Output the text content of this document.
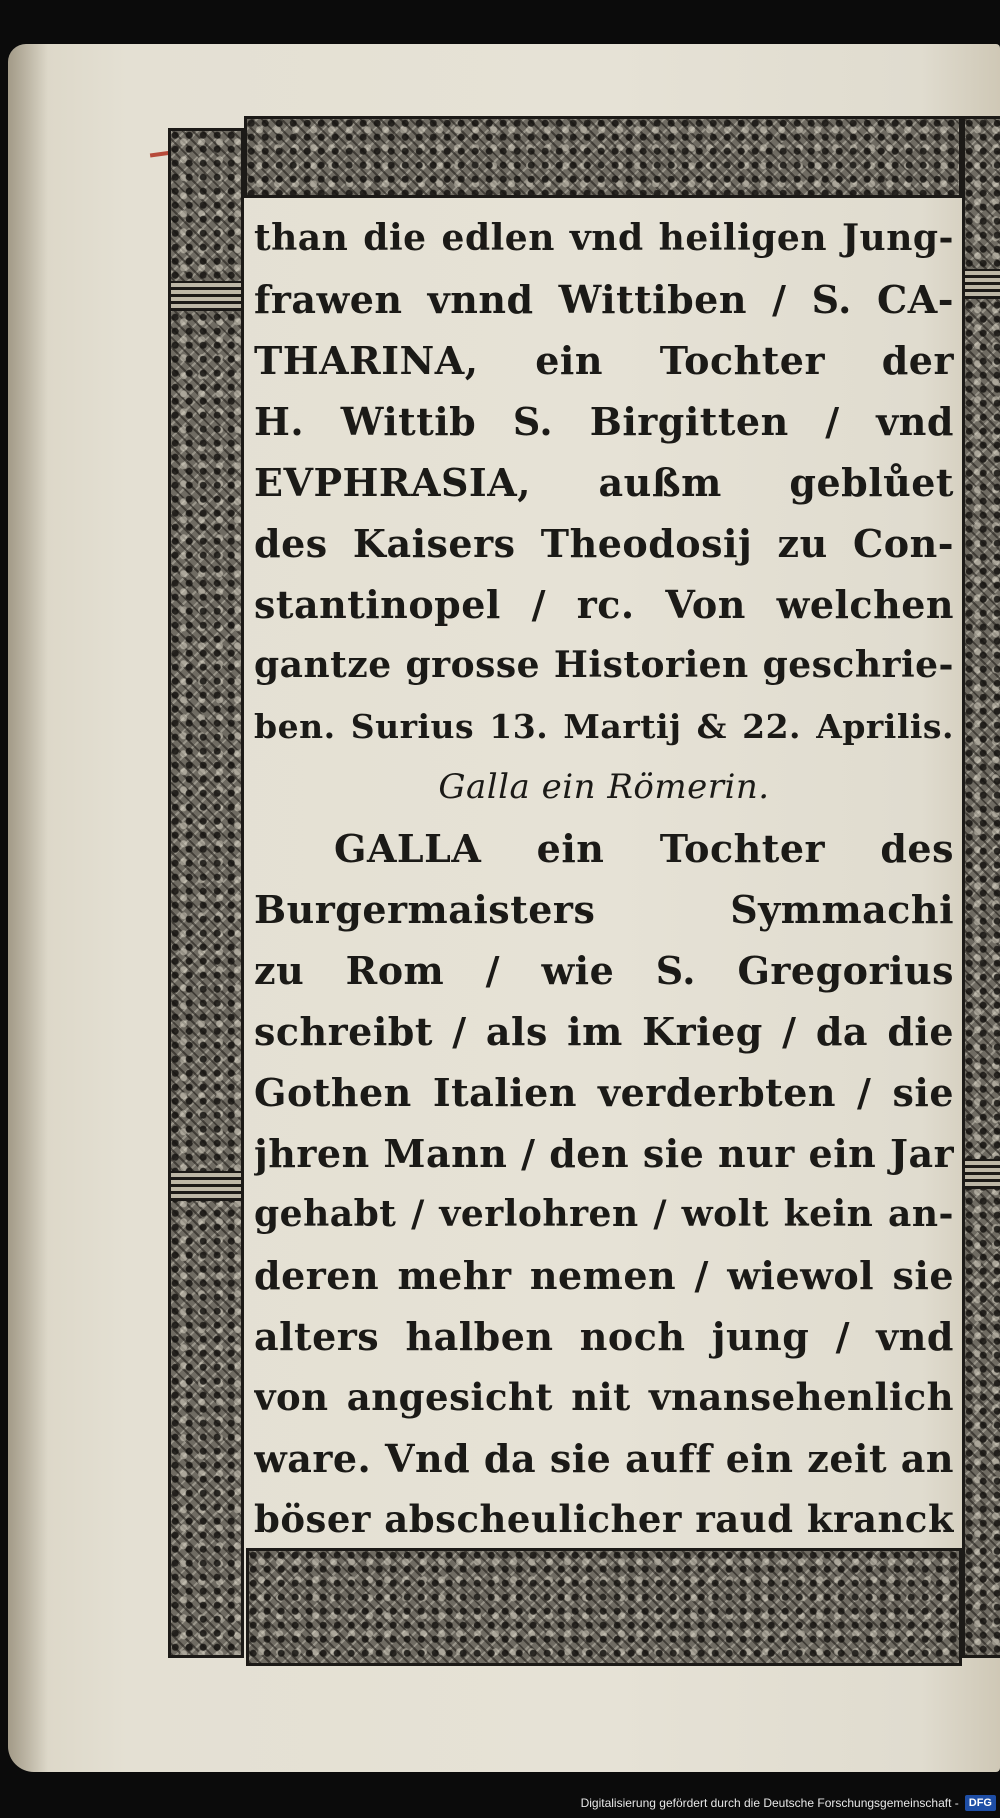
than die edlen vnd heiligen Jung-
frawen vnnd Wittiben / S. CA-
THARINA, ein Tochter der
H. Wittib S. Birgitten / vnd
EVPHRASIA, außm geblůet
des Kaisers Theodosij zu Con-
stantinopel / rc. Von welchen
gantze grosse Historien geschrie-
ben. Surius 13. Martij & 22. Aprilis.
Galla ein Römerin.
GALLA ein Tochter des
Burgermaisters Symmachi
zu Rom / wie S. Gregorius
schreibt / als im Krieg / da die
Gothen Italien verderbten / sie
jhren Mann / den sie nur ein Jar
gehabt / verlohren / wolt kein an-
deren mehr nemen / wiewol sie
alters halben noch jung / vnd
von angesicht nit vnansehenlich
ware. Vnd da sie auff ein zeit an
böser abscheulicher raud kranck
Digitalisierung gefördert durch die Deutsche Forschungsgemeinschaft - DFG
